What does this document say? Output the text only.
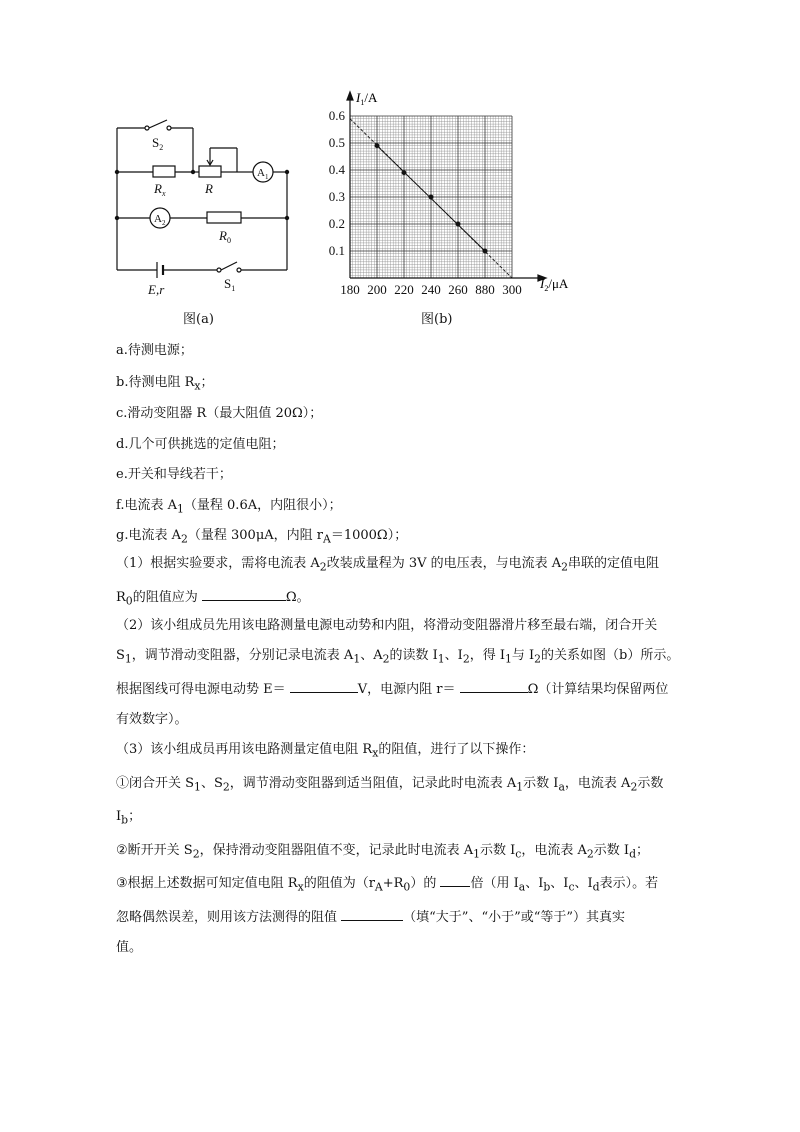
$S_2$
$R_x$	R
$A_1$
$A_2$
$R_0$
E,r	$S_1$
图(a)
180 200 220 240 260 880 300
0.6
0.5
0.4
0.3
0.2
0.1
$I_1/A$
$I_2/\mu A$
图(b)
a.待测电源；
b.待测电阻 $R_x$；
c.滑动变阻器 R（最大阻值 20Ω）；
d.几个可供挑选的定值电阻；
e.开关和导线若干；
f.电流表 $A_1$（量程 0.6A，内阻很小）；
g.电流表 $A_2$（量程 300μA，内阻 $r_A=1000\Omega$）；
（1）根据实验要求，需将电流表 $A_2$改装成量程为 3V 的电压表，与电流表 $A_2$串联的定值电阻
$R_0$的阻值应为	Ω。
（2）该小组成员先用该电路测量电源电动势和内阻，将滑动变阻器滑片移至最右端，闭合开关
$S_1$，调节滑动变阻器，分别记录电流表 $A_1$、$A_2$的读数 $I_1$、$I_2$，得 $I_1$与 $I_2$的关系如图（b）所示。
根据图线可得电源电动势 E＝	V，电源内阻 r＝	Ω（计算结果均保留两位
有效数字）。
（3）该小组成员再用该电路测量定值电阻 $R_x$的阻值，进行了以下操作：
①闭合开关 $S_1$、$S_2$，调节滑动变阻器到适当阻值，记录此时电流表 $A_1$示数 $I_a$，电流表 $A_2$示数
$I_b$；
②断开开关 $S_2$，保持滑动变阻器阻值不变，记录此时电流表 $A_1$示数 $I_c$，电流表 $A_2$示数 $I_d$；
③根据上述数据可知定值电阻 $R_x$的阻值为$(r_A+R_0)$的	倍（用 $I_a$、$I_b$、$I_c$、$I_d$表示）。若
忽略偶然误差，则用该方法测得的阻值	（填“大于”、“小于”或“等于”）其真实
值。
